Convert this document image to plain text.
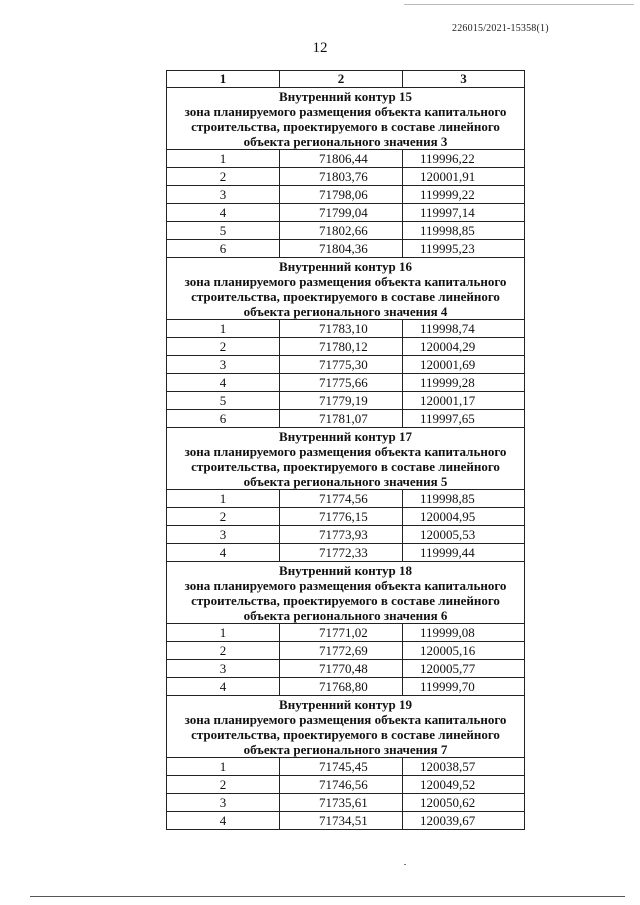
226015/2021-15358(1)
12
1	2	3

Внутренний контур 15
зона планируемого размещения объекта капитального
строительства, проектируемого в составе линейного
объекта регионального значения 3		

1	71806,44	119996,22
2	71803,76	120001,91
3	71798,06	119999,22
4	71799,04	119997,14
5	71802,66	119998,85
6	71804,36	119995,23

Внутренний контур 16
зона планируемого размещения объекта капитального
строительства, проектируемого в составе линейного
объекта регионального значения 4		

1	71783,10	119998,74
2	71780,12	120004,29
3	71775,30	120001,69
4	71775,66	119999,28
5	71779,19	120001,17
6	71781,07	119997,65

Внутренний контур 17
зона планируемого размещения объекта капитального
строительства, проектируемого в составе линейного
объекта регионального значения 5		

1	71774,56	119998,85
2	71776,15	120004,95
3	71773,93	120005,53
4	71772,33	119999,44

Внутренний контур 18
зона планируемого размещения объекта капитального
строительства, проектируемого в составе линейного
объекта регионального значения 6		

1	71771,02	119999,08
2	71772,69	120005,16
3	71770,48	120005,77
4	71768,80	119999,70

Внутренний контур 19
зона планируемого размещения объекта капитального
строительства, проектируемого в составе линейного
объекта регионального значения 7		

1	71745,45	120038,57
2	71746,56	120049,52
3	71735,61	120050,62
4	71734,51	120039,67
